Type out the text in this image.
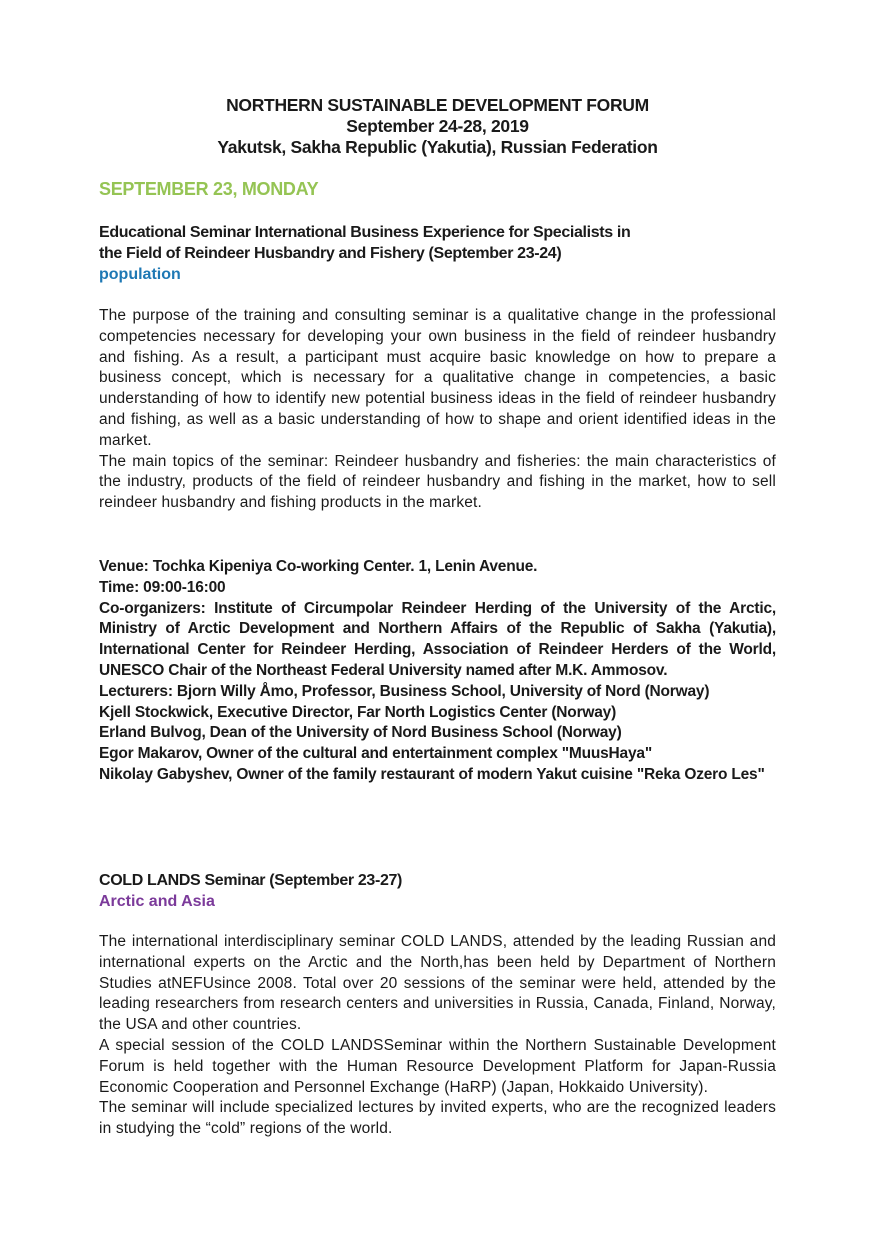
NORTHERN SUSTAINABLE DEVELOPMENT FORUM
September 24-28, 2019
Yakutsk, Sakha Republic (Yakutia), Russian Federation
SEPTEMBER 23, MONDAY
Educational Seminar International Business Experience for Specialists in
the Field of Reindeer Husbandry and Fishery (September 23-24)
population

The purpose of the training and consulting seminar is a qualitative change in the professional competencies necessary for developing your own business in the field of reindeer husbandry and fishing. As a result, a participant must acquire basic knowledge on how to prepare a business concept, which is necessary for a qualitative change in competencies, a basic understanding of how to identify new potential business ideas in the field of reindeer husbandry and fishing, as well as a basic understanding of how to shape and orient identified ideas in the market.

The main topics of the seminar: Reindeer husbandry and fisheries: the main characteristics of the industry, products of the field of reindeer husbandry and fishing in the market, how to sell reindeer husbandry and fishing products in the market.

Venue: Tochka Kipeniya Co-working Center. 1, Lenin Avenue.

Time: 09:00-16:00

Co-organizers: Institute of Circumpolar Reindeer Herding of the University of the Arctic, Ministry of Arctic Development and Northern Affairs of the Republic of Sakha (Yakutia), International Center for Reindeer Herding, Association of Reindeer Herders of the World, UNESCO Chair of the Northeast Federal University named after M.K. Ammosov.

Lecturers: Bjorn Willy Åmo, Professor, Business School, University of Nord (Norway)

Kjell Stockwick, Executive Director, Far North Logistics Center (Norway)

Erland Bulvog, Dean of the University of Nord Business School (Norway)

Egor Makarov, Owner of the cultural and entertainment complex "MuusHaya"

Nikolay Gabyshev, Owner of the family restaurant of modern Yakut cuisine "Reka Ozero Les"

COLD LANDS Seminar (September 23-27)
Arctic and Asia

The international interdisciplinary seminar COLD LANDS, attended by the leading Russian and international experts on the Arctic and the North,has been held by Department of Northern Studies atNEFUsince 2008. Total over 20 sessions of the seminar were held, attended by the leading researchers from research centers and universities in Russia, Canada, Finland, Norway, the USA and other countries.

A special session of the COLD LANDSSeminar within the Northern Sustainable Development Forum is held together with the Human Resource Development Platform for Japan-Russia Economic Cooperation and Personnel Exchange (HaRP) (Japan, Hokkaido University).

The seminar will include specialized lectures by invited experts, who are the recognized leaders in studying the “cold” regions of the world.
